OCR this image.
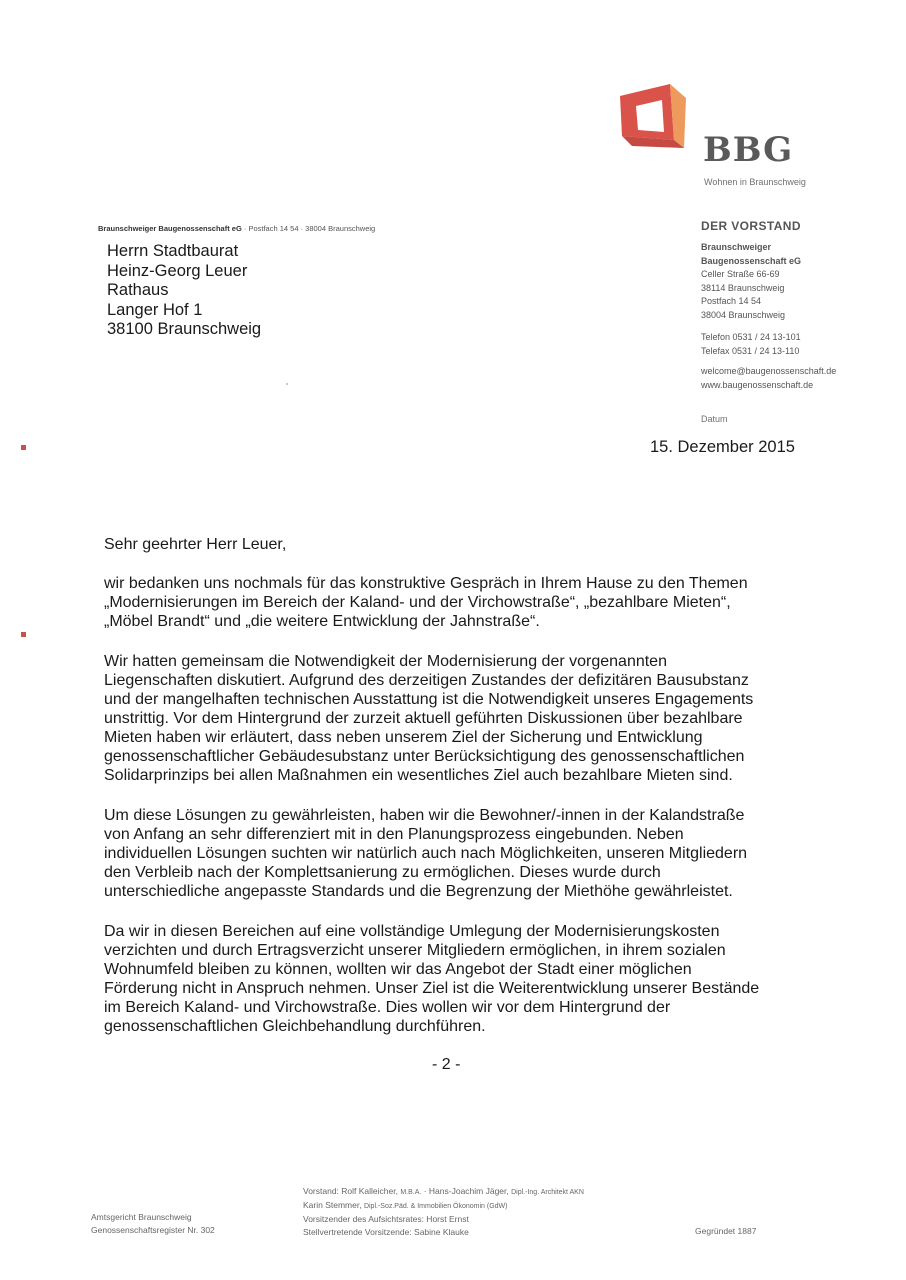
BBG
Wohnen in Braunschweig
Braunschweiger Baugenossenschaft eG · Postfach 14 54 · 38004 Braunschweig
Herrn Stadtbaurat
Heinz-Georg Leuer
Rathaus
Langer Hof 1
38100 Braunschweig
DER VORSTAND
Braunschweiger
Baugenossenschaft eG
Celler Straße 66-69
38114 Braunschweig
Postfach 14 54
38004 Braunschweig
Telefon 0531 / 24 13-101
Telefax 0531 / 24 13-110
welcome@baugenossenschaft.de
www.baugenossenschaft.de
Datum
15. Dezember 2015
Sehr geehrter Herr Leuer,
wir bedanken uns nochmals für das konstruktive Gespräch in Ihrem Hause zu den Themen
„Modernisierungen im Bereich der Kaland- und der Virchowstraße“, „bezahlbare Mieten“,
„Möbel Brandt“ und „die weitere Entwicklung der Jahnstraße“.
Wir hatten gemeinsam die Notwendigkeit der Modernisierung der vorgenannten
Liegenschaften diskutiert. Aufgrund des derzeitigen Zustandes der defizitären Bausubstanz
und der mangelhaften technischen Ausstattung ist die Notwendigkeit unseres Engagements
unstrittig. Vor dem Hintergrund der zurzeit aktuell geführten Diskussionen über bezahlbare
Mieten haben wir erläutert, dass neben unserem Ziel der Sicherung und Entwicklung
genossenschaftlicher Gebäudesubstanz unter Berücksichtigung des genossenschaftlichen
Solidarprinzips bei allen Maßnahmen ein wesentliches Ziel auch bezahlbare Mieten sind.
Um diese Lösungen zu gewährleisten, haben wir die Bewohner/-innen in der Kalandstraße
von Anfang an sehr differenziert mit in den Planungsprozess eingebunden. Neben
individuellen Lösungen suchten wir natürlich auch nach Möglichkeiten, unseren Mitgliedern
den Verbleib nach der Komplettsanierung zu ermöglichen. Dieses wurde durch
unterschiedliche angepasste Standards und die Begrenzung der Miethöhe gewährleistet.
Da wir in diesen Bereichen auf eine vollständige Umlegung der Modernisierungskosten
verzichten und durch Ertragsverzicht unserer Mitgliedern ermöglichen, in ihrem sozialen
Wohnumfeld bleiben zu können, wollten wir das Angebot der Stadt einer möglichen
Förderung nicht in Anspruch nehmen. Unser Ziel ist die Weiterentwicklung unserer Bestände
im Bereich Kaland- und Virchowstraße. Dies wollen wir vor dem Hintergrund der
genossenschaftlichen Gleichbehandlung durchführen.
- 2 -
Amtsgericht Braunschweig
Genossenschaftsregister Nr. 302
Vorstand: Rolf Kalleicher, M.B.A. · Hans-Joachim Jäger, Dipl.-Ing. Architekt AKN
Karin Stemmer, Dipl.-Soz.Päd. & Immobilien Ökonomin (GdW)
Vorsitzender des Aufsichtsrates: Horst Ernst
Stellvertretende Vorsitzende: Sabine Klauke	Gegründet 1887
